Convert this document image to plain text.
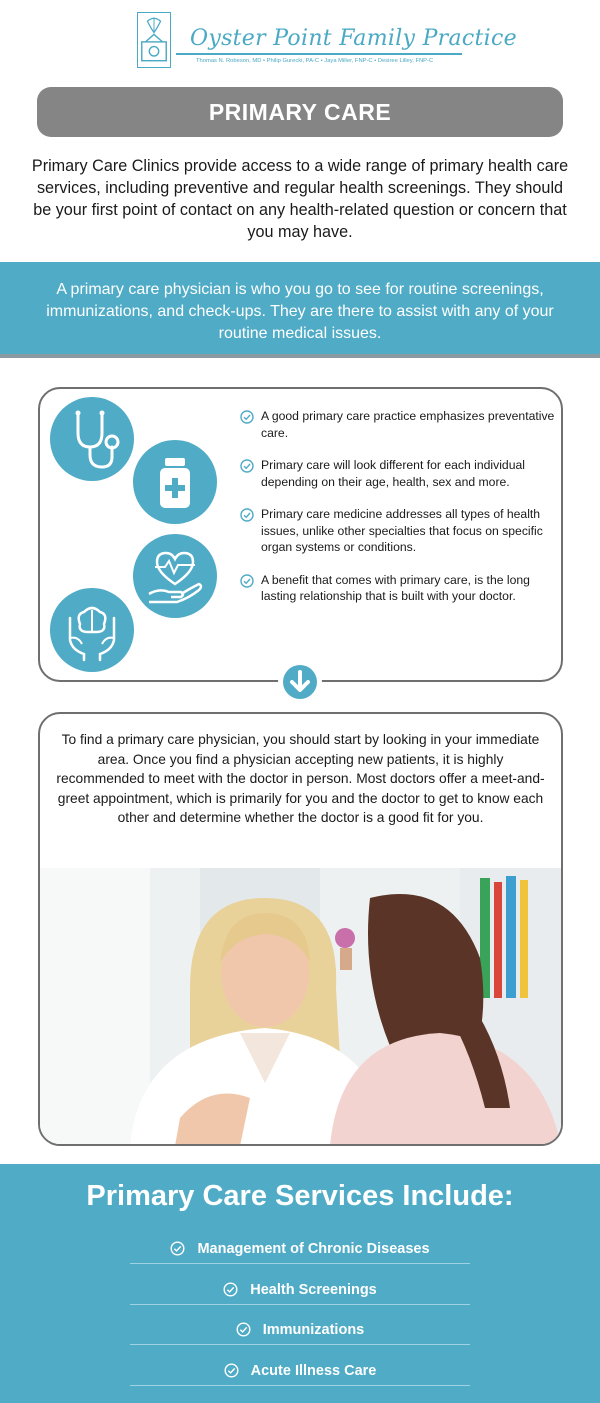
Oyster Point Family Practice
Thomas N. Robeson, MD • Philip Gurecki, PA-C • Jaya Miller, FNP-C • Desiree Lilley, FNP-C
PRIMARY CARE

Primary Care Clinics provide access to a wide range of primary health care services, including preventive and regular health screenings. They should be your first point of contact on any health-related question or concern that you may have.

A primary care physician is who you go to see for routine screenings, immunizations, and check-ups. They are there to assist with any of your routine medical issues.

A good primary care practice emphasizes preventative care.
Primary care will look different for each individual depending on their age, health, sex and more.
Primary care medicine addresses all types of health issues, unlike other specialties that focus on specific organ systems or conditions.
A benefit that comes with primary care, is the long lasting relationship that is built with your doctor.

To find a primary care physician, you should start by looking in your immediate area. Once you find a physician accepting new patients, it is highly recommended to meet with the doctor in person. Most doctors offer a meet-and-greet appointment, which is primarily for you and the doctor to get to know each other and determine whether the doctor is a good fit for you.

Primary Care Services Include:
Management of Chronic Diseases
Health Screenings
Immunizations
Acute Illness Care
